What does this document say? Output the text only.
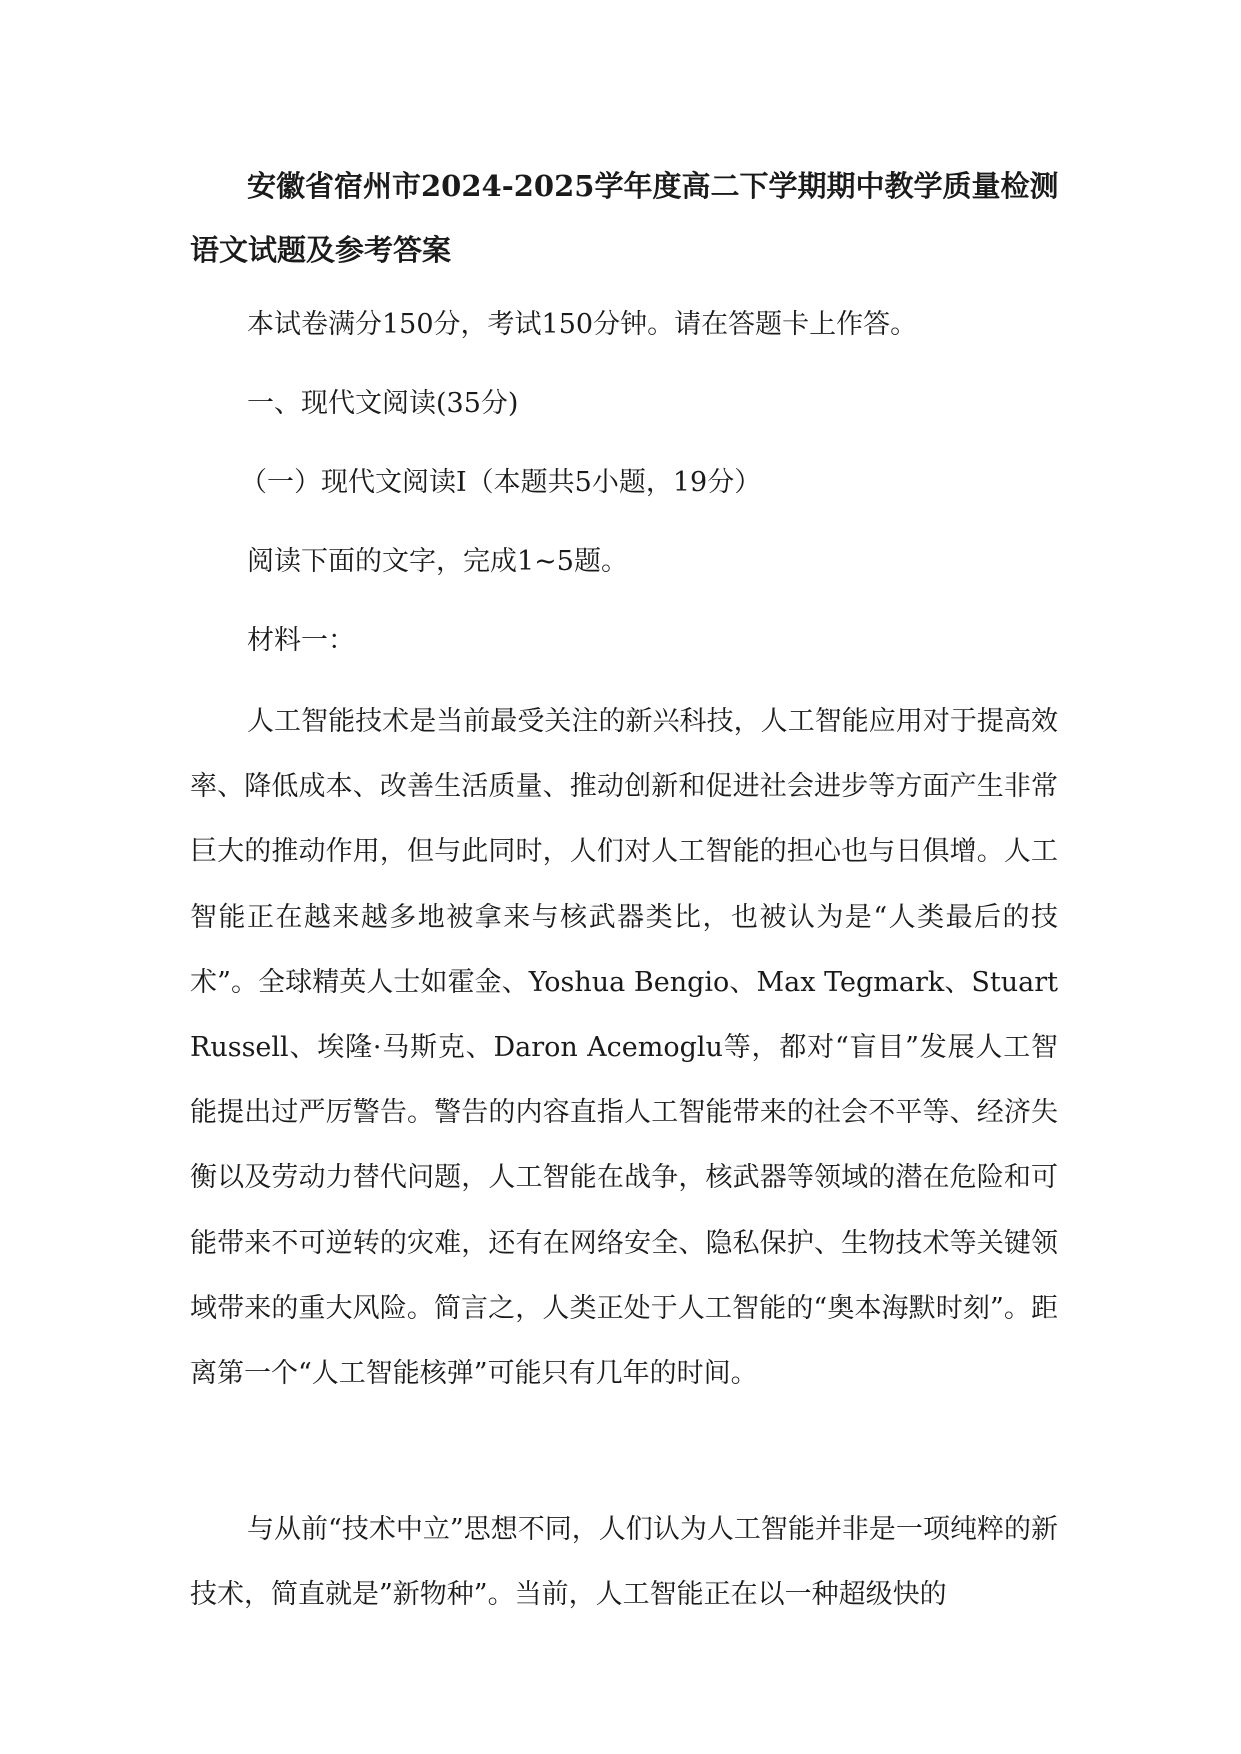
安徽省宿州市2024-2025学年度高二下学期期中教学质量检测
语文试题及参考答案
本试卷满分150分，考试150分钟。请在答题卡上作答。
一、现代文阅读(35分)
（一）现代文阅读Ⅰ（本题共5小题，19分）
阅读下面的文字，完成1~5题。
材料一：

人工智能技术是当前最受关注的新兴科技，人工智能应用对于提高效率、降低成本、改善生活质量、推动创新和促进社会进步等方面产生非常巨大的推动作用，但与此同时，人们对人工智能的担心也与日俱增。人工智能正在越来越多地被拿来与核武器类比，也被认为是“人类最后的技术”。全球精英人士如霍金、Yoshua Bengio、Max Tegmark、Stuart Russell、埃隆·马斯克、Daron Acemoglu等，都对“盲目”发展人工智能提出过严厉警告。警告的内容直指人工智能带来的社会不平等、经济失衡以及劳动力替代问题，人工智能在战争，核武器等领域的潜在危险和可能带来不可逆转的灾难，还有在网络安全、隐私保护、生物技术等关键领域带来的重大风险。简言之，人类正处于人工智能的“奥本海默时刻”。距离第一个“人工智能核弹”可能只有几年的时间。

与从前“技术中立”思想不同，人们认为人工智能并非是一项纯粹的新技术，简直就是”新物种”。当前，人工智能正在以一种超级快的
